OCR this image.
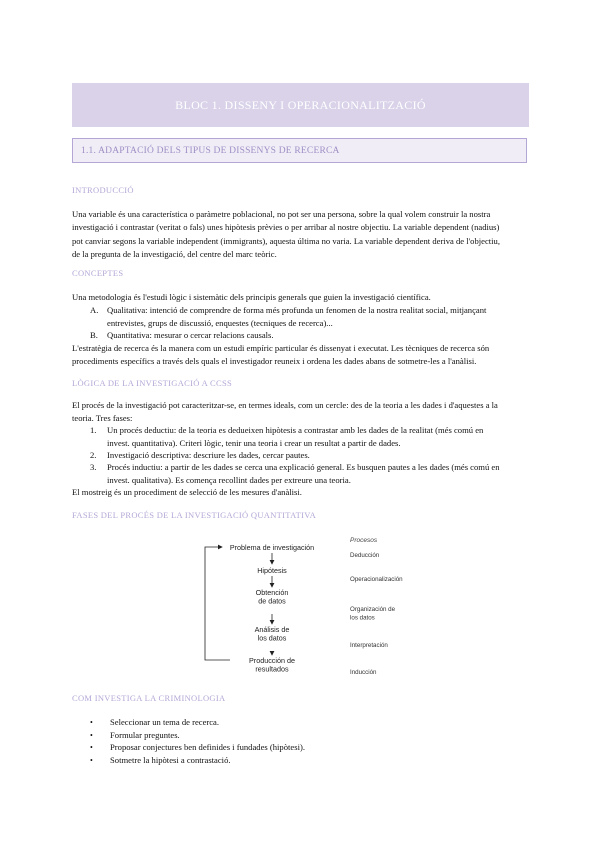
BLOC 1. DISSENY I OPERACIONALITZACIÓ
1.1. ADAPTACIÓ DELS TIPUS DE DISSENYS DE RECERCA
INTRODUCCIÓ
Una variable és una característica o paràmetre poblacional, no pot ser una persona, sobre la qual volem construir la nostra
investigació i contrastar (veritat o fals) unes hipòtesis prèvies o per arribar al nostre objectiu. La variable dependent (nadius)
pot canviar segons la variable independent (immigrants), aquesta última no varia. La variable dependent deriva de l'objectiu,
de la pregunta de la investigació, del centre del marc teòric.
CONCEPTES
Una metodologia és l'estudi lògic i sistemàtic dels principis generals que guien la investigació científica.
A. Qualitativa: intenció de comprendre de forma més profunda un fenomen de la nostra realitat social, mitjançant
entrevistes, grups de discussió, enquestes (tecniques de recerca)...
B. Quantitativa: mesurar o cercar relacions causals.
L'estratègia de recerca és la manera com un estudi empíric particular és dissenyat i executat. Les tècniques de recerca són
procediments específics a través dels quals el investigador reuneix i ordena les dades abans de sotmetre-les a l'anàlisi.
LÒGICA DE LA INVESTIGACIÓ A CCSS
El procés de la investigació pot caracteritzar-se, en termes ideals, com un cercle: des de la teoria a les dades i d'aquestes a la
teoria. Tres fases:
1. Un procés deductiu: de la teoria es dedueixen hipòtesis a contrastar amb les dades de la realitat (més comú en
invest. quantitativa). Criteri lògic, tenir una teoria i crear un resultat a partir de dades.
2. Investigació descriptiva: descriure les dades, cercar pautes.
3. Procés inductiu: a partir de les dades se cerca una explicació general. Es busquen pautes a les dades (més comú en
invest. qualitativa). Es comença recollint dades per extreure una teoria.
El mostreig és un procediment de selecció de les mesures d'anàlisi.
FASES DEL PROCÉS DE LA INVESTIGACIÓ QUANTITATIVA
Problema de investigación
Hipótesis
Obtención de datos
Análisis de los datos
Producción de resultados
Procesos
Deducción
Operacionalización
Organización de los datos
Interpretación
Inducción
COM INVESTIGA LA CRIMINOLOGIA
• Seleccionar un tema de recerca.
• Formular preguntes.
• Proposar conjectures ben definides i fundades (hipòtesi).
• Sotmetre la hipòtesi a contrastació.
